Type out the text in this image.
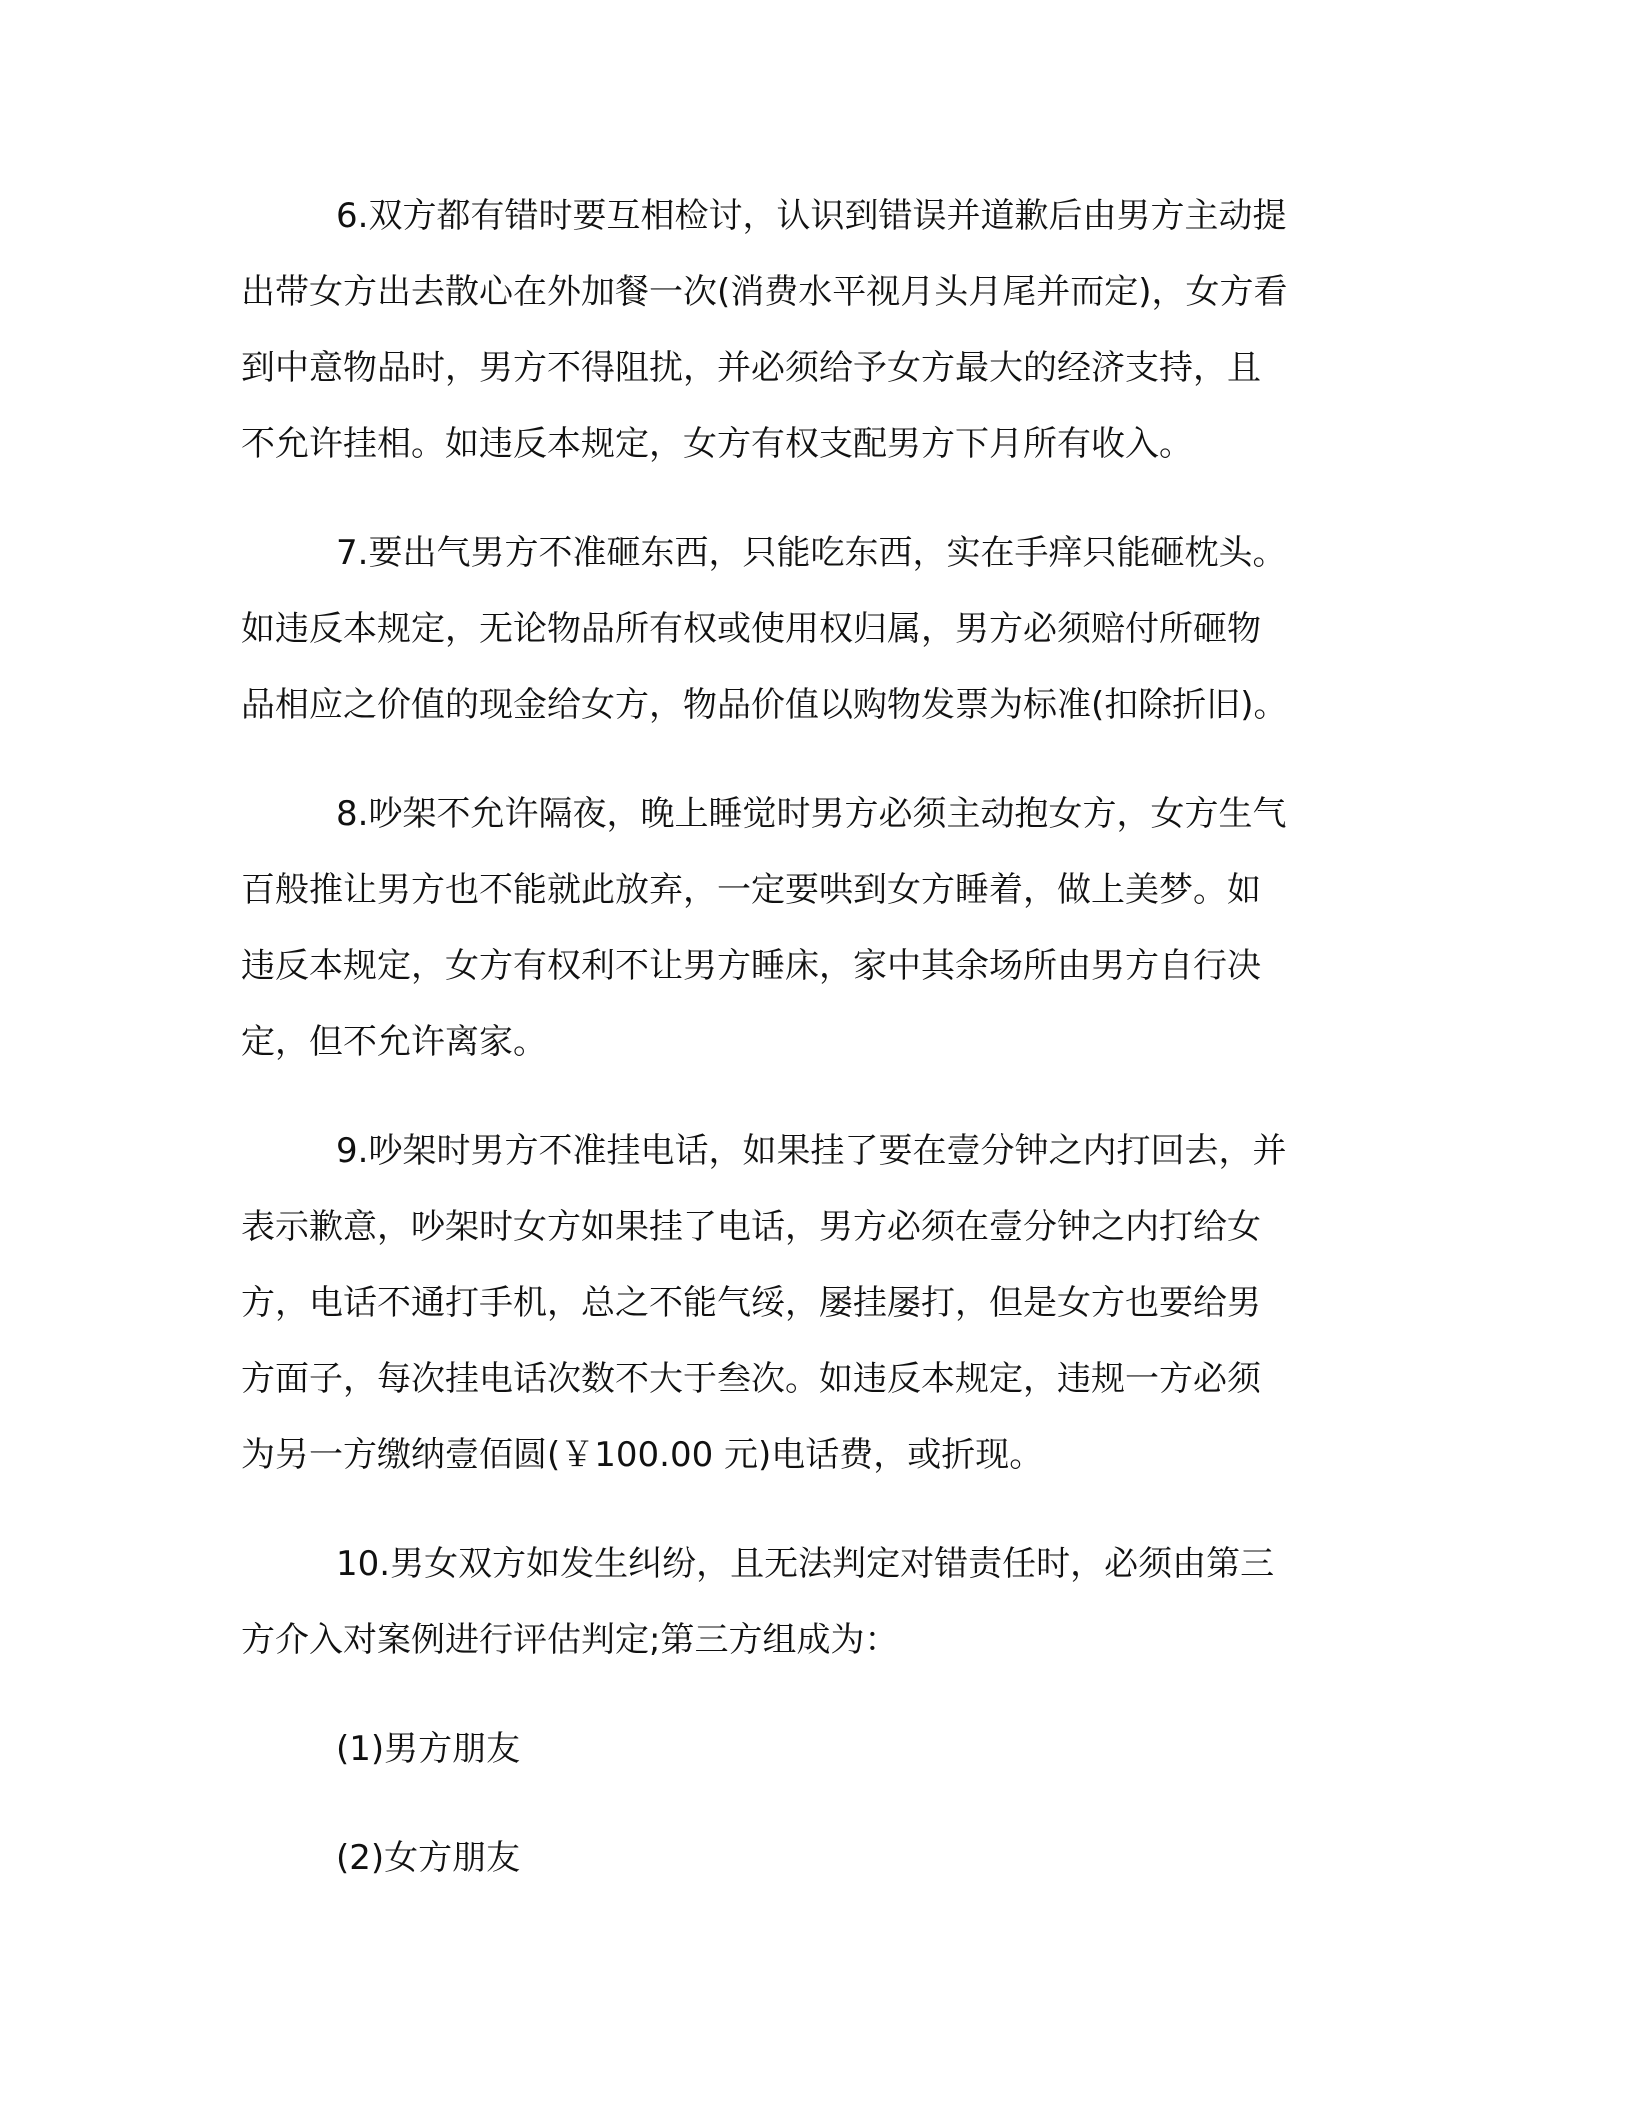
6.双方都有错时要互相检讨，认识到错误并道歉后由男方主动提
出带女方出去散心在外加餐一次(消费水平视月头月尾并而定)，女方看
到中意物品时，男方不得阻扰，并必须给予女方最大的经济支持，且
不允许挂相。如违反本规定，女方有权支配男方下月所有收入。
7.要出气男方不准砸东西，只能吃东西，实在手痒只能砸枕头。
如违反本规定，无论物品所有权或使用权归属，男方必须赔付所砸物
品相应之价值的现金给女方，物品价值以购物发票为标准(扣除折旧)。
8.吵架不允许隔夜，晚上睡觉时男方必须主动抱女方，女方生气
百般推让男方也不能就此放弃，一定要哄到女方睡着，做上美梦。如
违反本规定，女方有权利不让男方睡床，家中其余场所由男方自行决
定，但不允许离家。
9.吵架时男方不准挂电话，如果挂了要在壹分钟之内打回去，并
表示歉意，吵架时女方如果挂了电话，男方必须在壹分钟之内打给女
方，电话不通打手机，总之不能气绥，屡挂屡打，但是女方也要给男
方面子，每次挂电话次数不大于叁次。如违反本规定，违规一方必须
为另一方缴纳壹佰圆(￥100.00 元)电话费，或折现。
10.男女双方如发生纠纷，且无法判定对错责任时，必须由第三
方介入对案例进行评估判定;第三方组成为：
(1)男方朋友
(2)女方朋友
